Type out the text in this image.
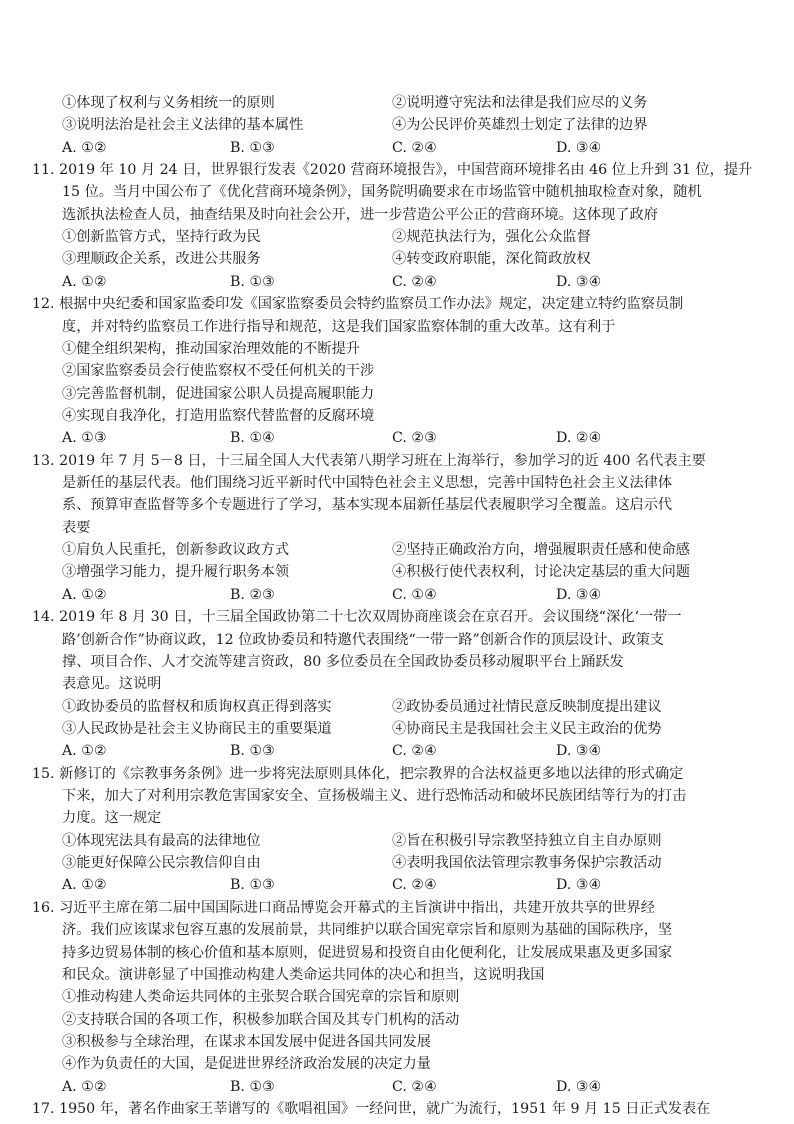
①体现了权利与义务相统一的原则	②说明遵守宪法和法律是我们应尽的义务
③说明法治是社会主义法律的基本属性	④为公民评价英雄烈士划定了法律的边界
A. ①②	B. ①③	C. ②④	D. ③④
11. 2019 年 10 月 24 日，世界银行发表《2020 营商环境报告》，中国营商环境排名由 46 位上升到 31 位，提升
15 位。当月中国公布了《优化营商环境条例》，国务院明确要求在市场监管中随机抽取检查对象，随机
选派执法检查人员，抽查结果及时向社会公开，进一步营造公平公正的营商环境。这体现了政府
①创新监管方式，坚持行政为民	②规范执法行为，强化公众监督
③理顺政企关系，改进公共服务	④转变政府职能，深化简政放权
A. ①②	B. ①③	C. ②④	D. ③④
12. 根据中央纪委和国家监委印发《国家监察委员会特约监察员工作办法》规定，决定建立特约监察员制
度，并对特约监察员工作进行指导和规范，这是我们国家监察体制的重大改革。这有利于
①健全组织架构，推动国家治理效能的不断提升
②国家监察委员会行使监察权不受任何机关的干涉
③完善监督机制，促进国家公职人员提高履职能力
④实现自我净化，打造用监察代替监督的反腐环境
A. ①③	B. ①④	C. ②③	D. ②④
13. 2019 年 7 月 5－8 日，十三届全国人大代表第八期学习班在上海举行，参加学习的近 400 名代表主要
是新任的基层代表。他们围绕习近平新时代中国特色社会主义思想，完善中国特色社会主义法律体
系、预算审查监督等多个专题进行了学习，基本实现本届新任基层代表履职学习全覆盖。这启示代
表要
①肩负人民重托，创新参政议政方式	②坚持正确政治方向，增强履职责任感和使命感
③增强学习能力，提升履行职务本领	④积极行使代表权利，讨论决定基层的重大问题
A. ①②	B. ②③	C. ①④	D. ③④
14. 2019 年 8 月 30 日，十三届全国政协第二十七次双周协商座谈会在京召开。会议围绕“深化‘一带一
路’创新合作”协商议政，12 位政协委员和特邀代表围绕“一带一路”创新合作的顶层设计、政策支
撑、项目合作、人才交流等建言资政，80 多位委员在全国政协委员移动履职平台上踊跃发
表意见。这说明
①政协委员的监督权和质询权真正得到落实	②政协委员通过社情民意反映制度提出建议
③人民政协是社会主义协商民主的重要渠道	④协商民主是我国社会主义民主政治的优势
A. ①②	B. ①③	C. ②④	D. ③④
15. 新修订的《宗教事务条例》进一步将宪法原则具体化，把宗教界的合法权益更多地以法律的形式确定
下来，加大了对利用宗教危害国家安全、宣扬极端主义、进行恐怖活动和破坏民族团结等行为的打击
力度。这一规定
①体现宪法具有最高的法律地位	②旨在积极引导宗教坚持独立自主自办原则
③能更好保障公民宗教信仰自由	④表明我国依法管理宗教事务保护宗教活动
A. ①②	B. ①③	C. ②④	D. ③④
16. 习近平主席在第二届中国国际进口商品博览会开幕式的主旨演讲中指出，共建开放共享的世界经
济。我们应该谋求包容互惠的发展前景，共同维护以联合国宪章宗旨和原则为基础的国际秩序，坚
持多边贸易体制的核心价值和基本原则，促进贸易和投资自由化便利化，让发展成果惠及更多国家
和民众。演讲彰显了中国推动构建人类命运共同体的决心和担当，这说明我国
①推动构建人类命运共同体的主张契合联合国宪章的宗旨和原则
②支持联合国的各项工作，积极参加联合国及其专门机构的活动
③积极参与全球治理，在谋求本国发展中促进各国共同发展
④作为负责任的大国，是促进世界经济政治发展的决定力量
A. ①②	B. ①③	C. ②④	D. ③④
17. 1950 年，著名作曲家王莘谱写的《歌唱祖国》一经问世，就广为流行，1951 年 9 月 15 日正式发表在
